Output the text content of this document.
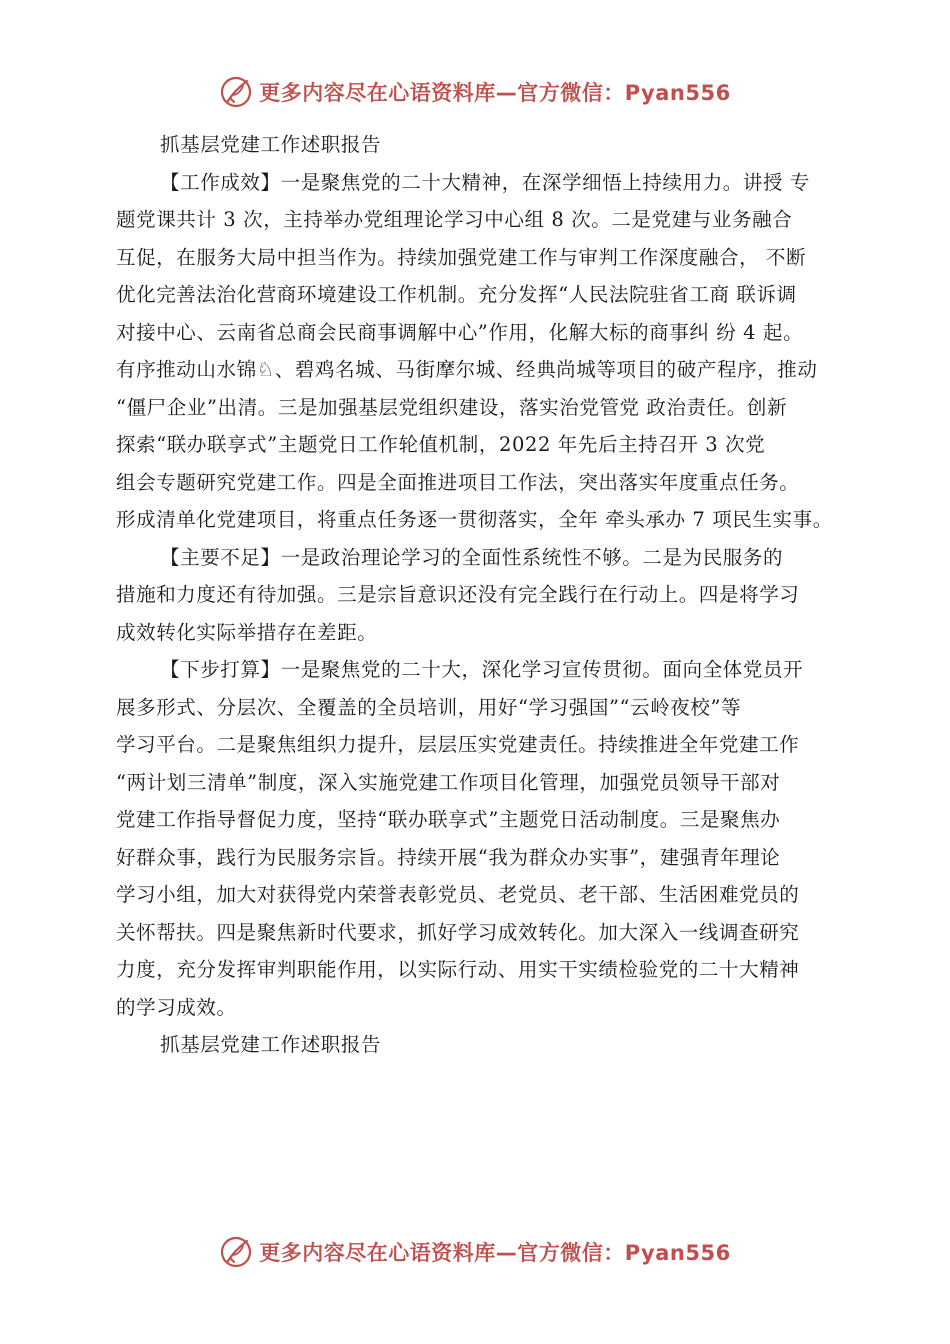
更多内容尽在心语资料库—官方微信：Pyan556
抓基层党建工作述职报告
【工作成效】一是聚焦党的二十大精神，在深学细悟上持续用力。讲授 专
题党课共计 3 次，主持举办党组理论学习中心组 8 次。二是党建与业务融合
互促，在服务大局中担当作为。持续加强党建工作与审判工作深度融合， 不断
优化完善法治化营商环境建设工作机制。充分发挥“人民法院驻省工商 联诉调
对接中心、云南省总商会民商事调解中心”作用，化解大标的商事纠 纷 4 起。
有序推动山水锦♘、碧鸡名城、马街摩尔城、经典尚城等项目的破产程序，推动
“僵尸企业”出清。三是加强基层党组织建设，落实治党管党 政治责任。创新
探索“联办联享式”主题党日工作轮值机制，2022 年先后主持召开 3 次党
组会专题研究党建工作。四是全面推进项目工作法，突出落实年度重点任务。
形成清单化党建项目，将重点任务逐一贯彻落实，全年 牵头承办 7 项民生实事。
【主要不足】一是政治理论学习的全面性系统性不够。二是为民服务的
措施和力度还有待加强。三是宗旨意识还没有完全践行在行动上。四是将学习
成效转化实际举措存在差距。
【下步打算】一是聚焦党的二十大，深化学习宣传贯彻。面向全体党员开
展多形式、分层次、全覆盖的全员培训，用好“学习强国”“云岭夜校”等
学习平台。二是聚焦组织力提升，层层压实党建责任。持续推进全年党建工作
“两计划三清单”制度，深入实施党建工作项目化管理，加强党员领导干部对
党建工作指导督促力度，坚持“联办联享式”主题党日活动制度。三是聚焦办
好群众事，践行为民服务宗旨。持续开展“我为群众办实事”，建强青年理论
学习小组，加大对获得党内荣誉表彰党员、老党员、老干部、生活困难党员的
关怀帮扶。四是聚焦新时代要求，抓好学习成效转化。加大深入一线调查研究
力度，充分发挥审判职能作用，以实际行动、用实干实绩检验党的二十大精神
的学习成效。
抓基层党建工作述职报告
更多内容尽在心语资料库—官方微信：Pyan556
